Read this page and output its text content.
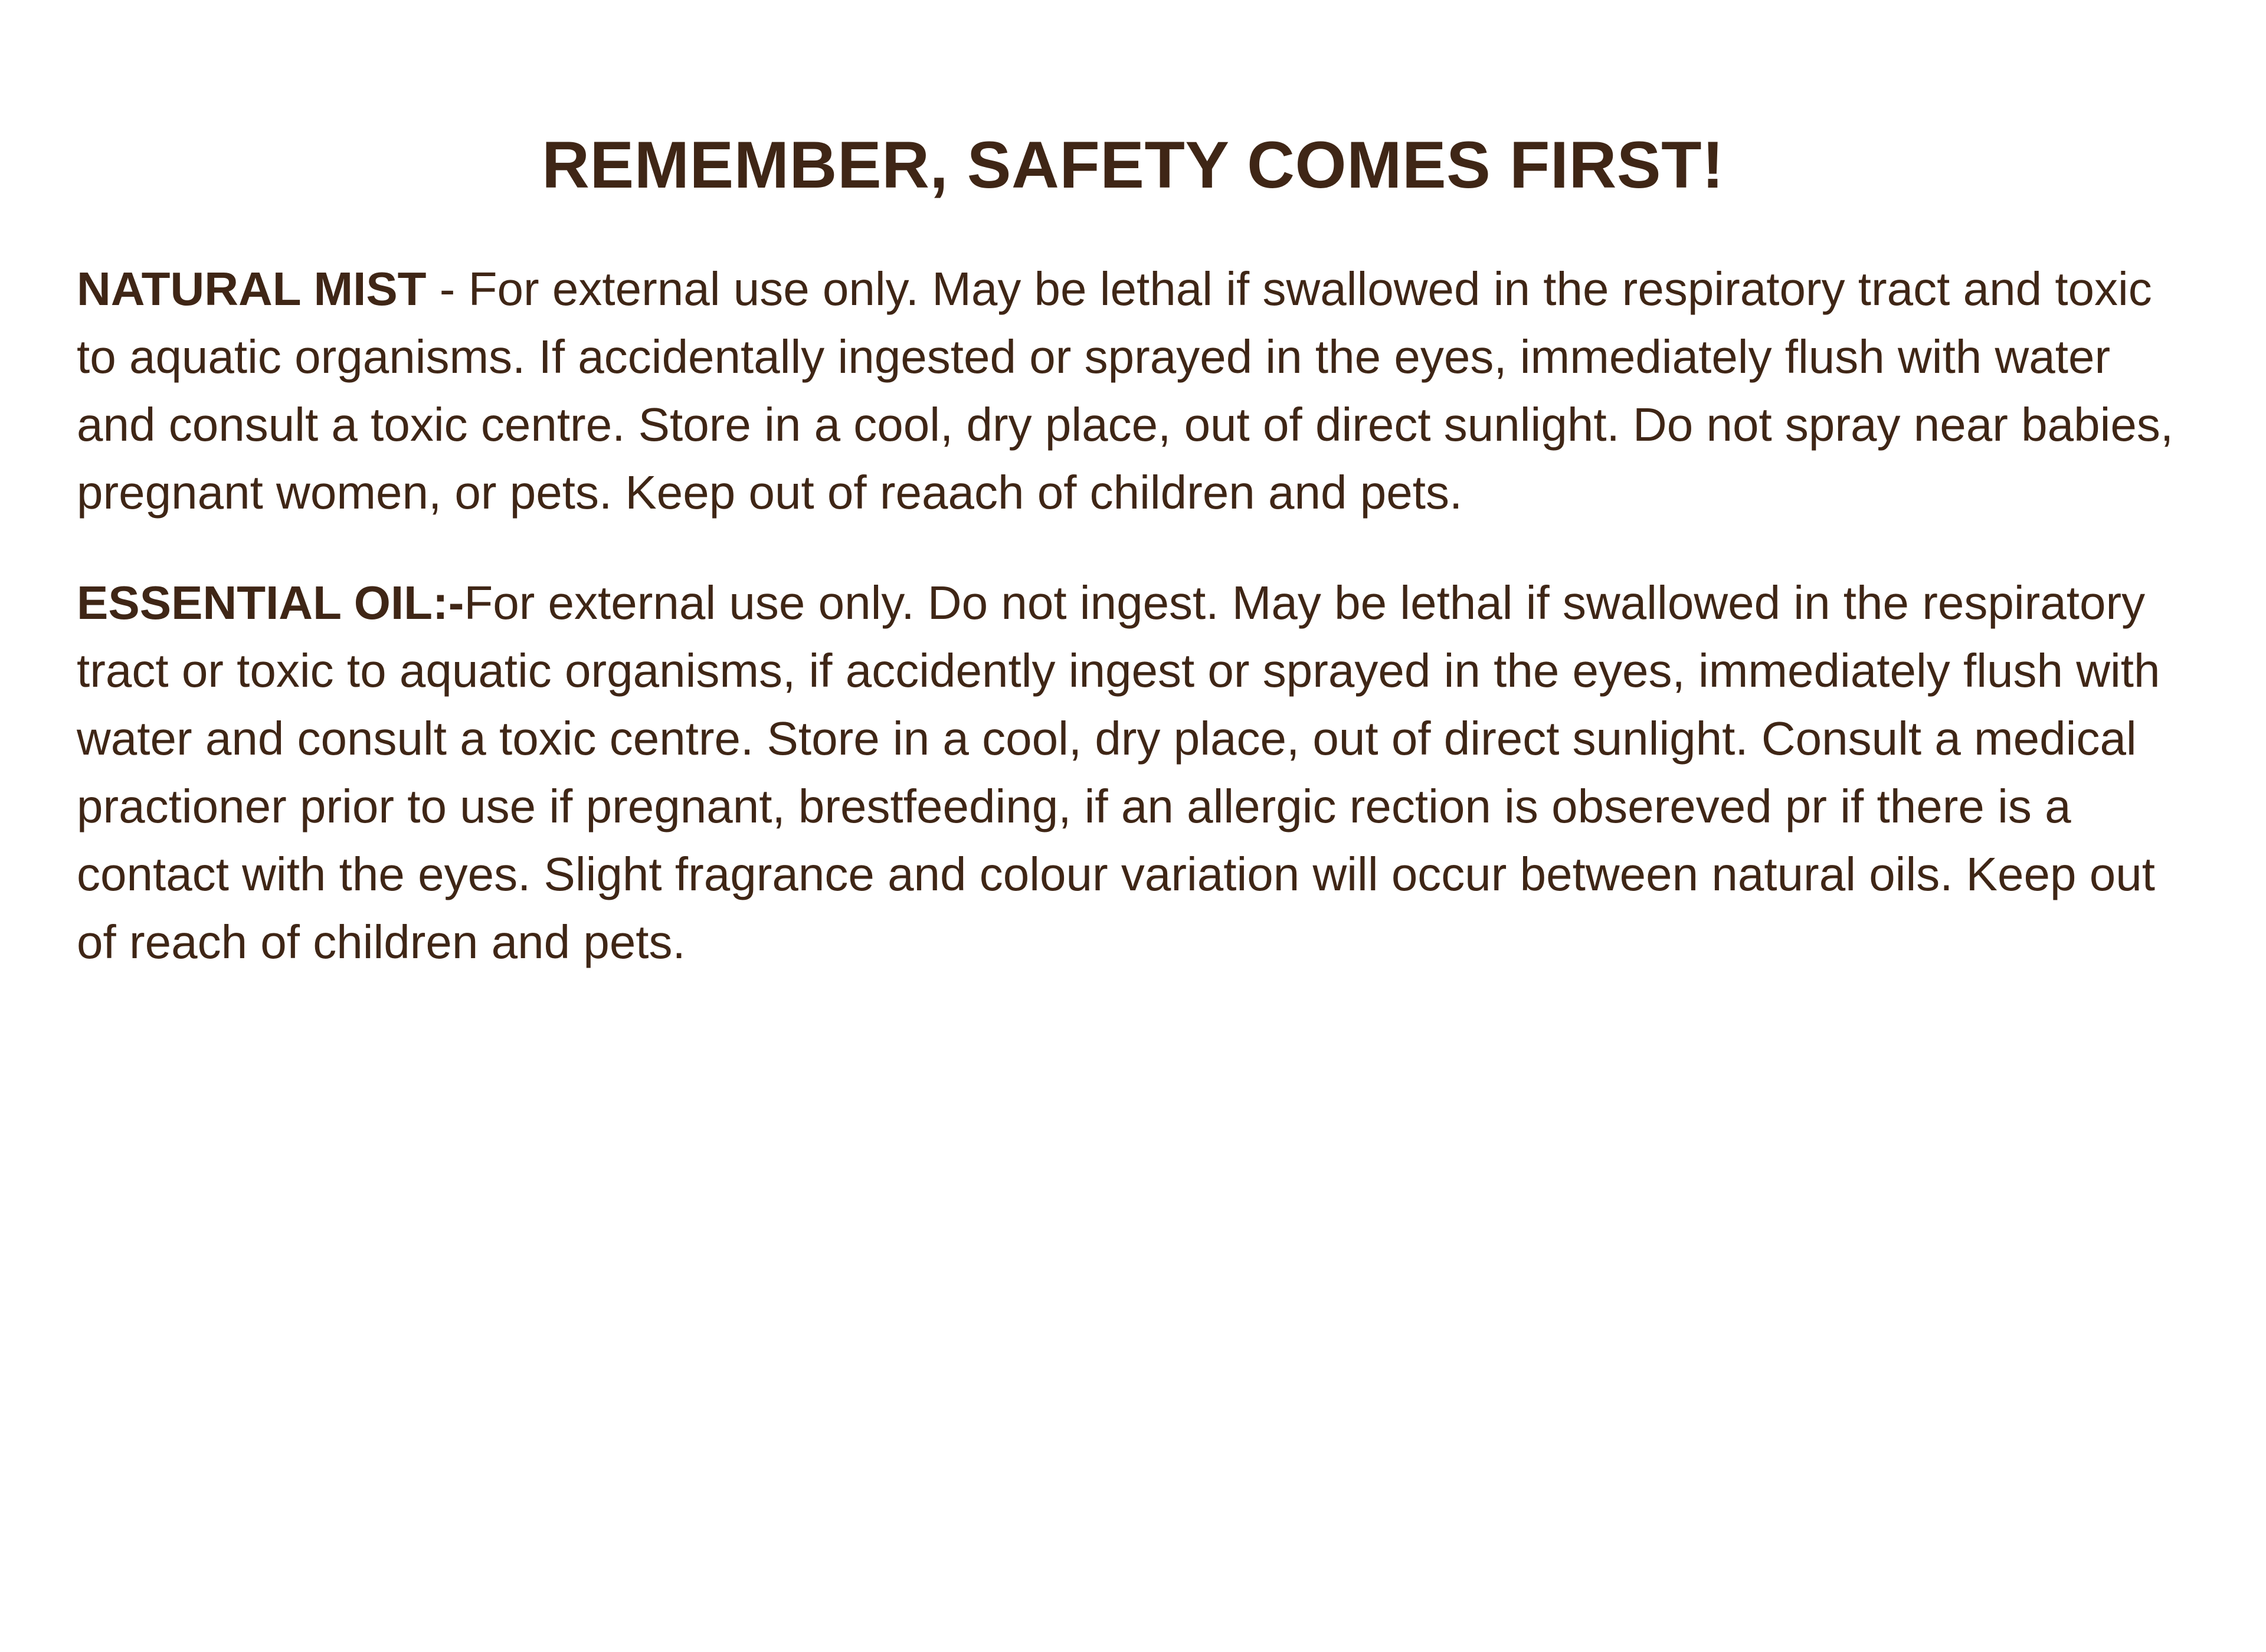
REMEMBER, SAFETY COMES FIRST!

NATURAL MIST - For external use only. May be lethal if swallowed in the respiratory tract and toxic to aquatic organisms. If accidentally ingested or sprayed in the eyes, immediately flush with water and consult a toxic centre. Store in a cool, dry place, out of direct sunlight. Do not spray near babies, pregnant women, or pets. Keep out of reaach of children and pets.

ESSENTIAL OIL:-For external use only. Do not ingest. May be lethal if swallowed in the respiratory tract or toxic to aquatic organisms, if accidently ingest or sprayed in the eyes, immediately flush with water and consult a toxic centre. Store in a cool, dry place, out of direct sunlight. Consult a medical practioner prior to use if pregnant, brestfeeding, if an allergic rection is obsereved pr if there is a contact with the eyes. Slight fragrance and colour variation will occur between natural oils. Keep out of reach of children and pets.
